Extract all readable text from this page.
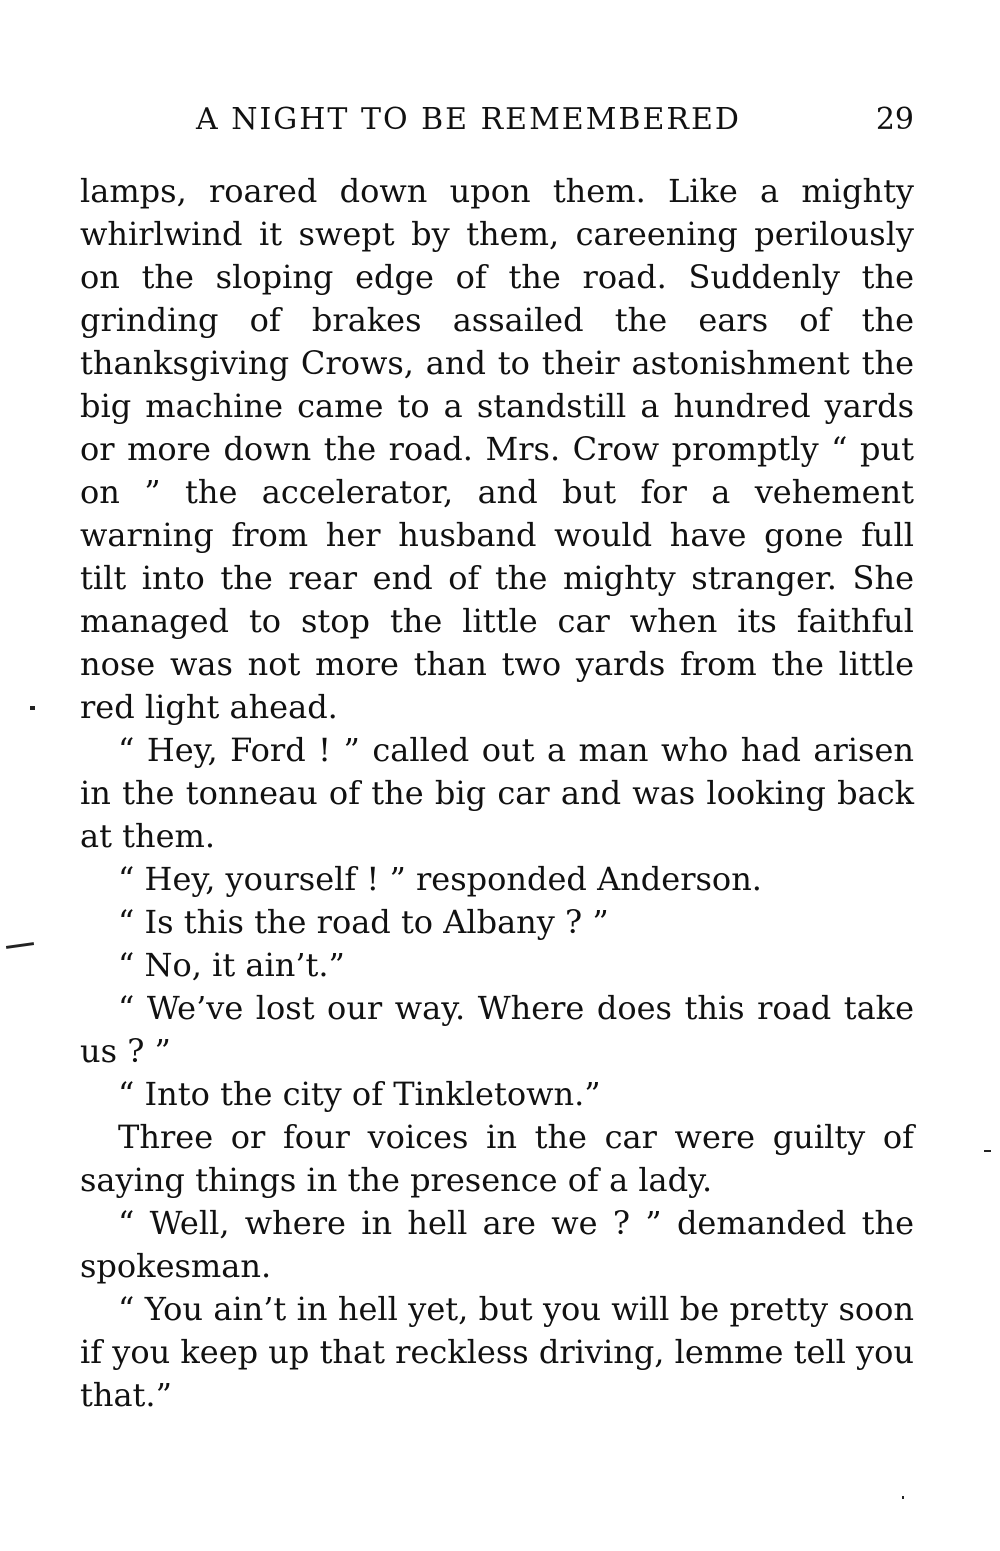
A NIGHT TO BE REMEMBERED	29

lamps, roared down upon them. Like a mighty whirlwind it swept by them, careening perilously on the sloping edge of the road. Suddenly the grinding of brakes assailed the ears of the thanksgiving Crows, and to their astonishment the big machine came to a standstill a hundred yards or more down the road. Mrs. Crow promptly “ put on ” the accelerator, and but for a vehement warning from her husband would have gone full tilt into the rear end of the mighty stranger. She managed to stop the little car when its faithful nose was not more than two yards from the little red light ahead.

“ Hey, Ford ! ” called out a man who had arisen in the tonneau of the big car and was looking back at them.

“ Hey, yourself ! ” responded Anderson.

“ Is this the road to Albany ? ”

“ No, it ain’t.”

“ We’ve lost our way. Where does this road take us ? ”

“ Into the city of Tinkletown.”

Three or four voices in the car were guilty of saying things in the presence of a lady.

“ Well, where in hell are we ? ” demanded the spokesman.

“ You ain’t in hell yet, but you will be pretty soon if you keep up that reckless driving, lemme tell you that.”
